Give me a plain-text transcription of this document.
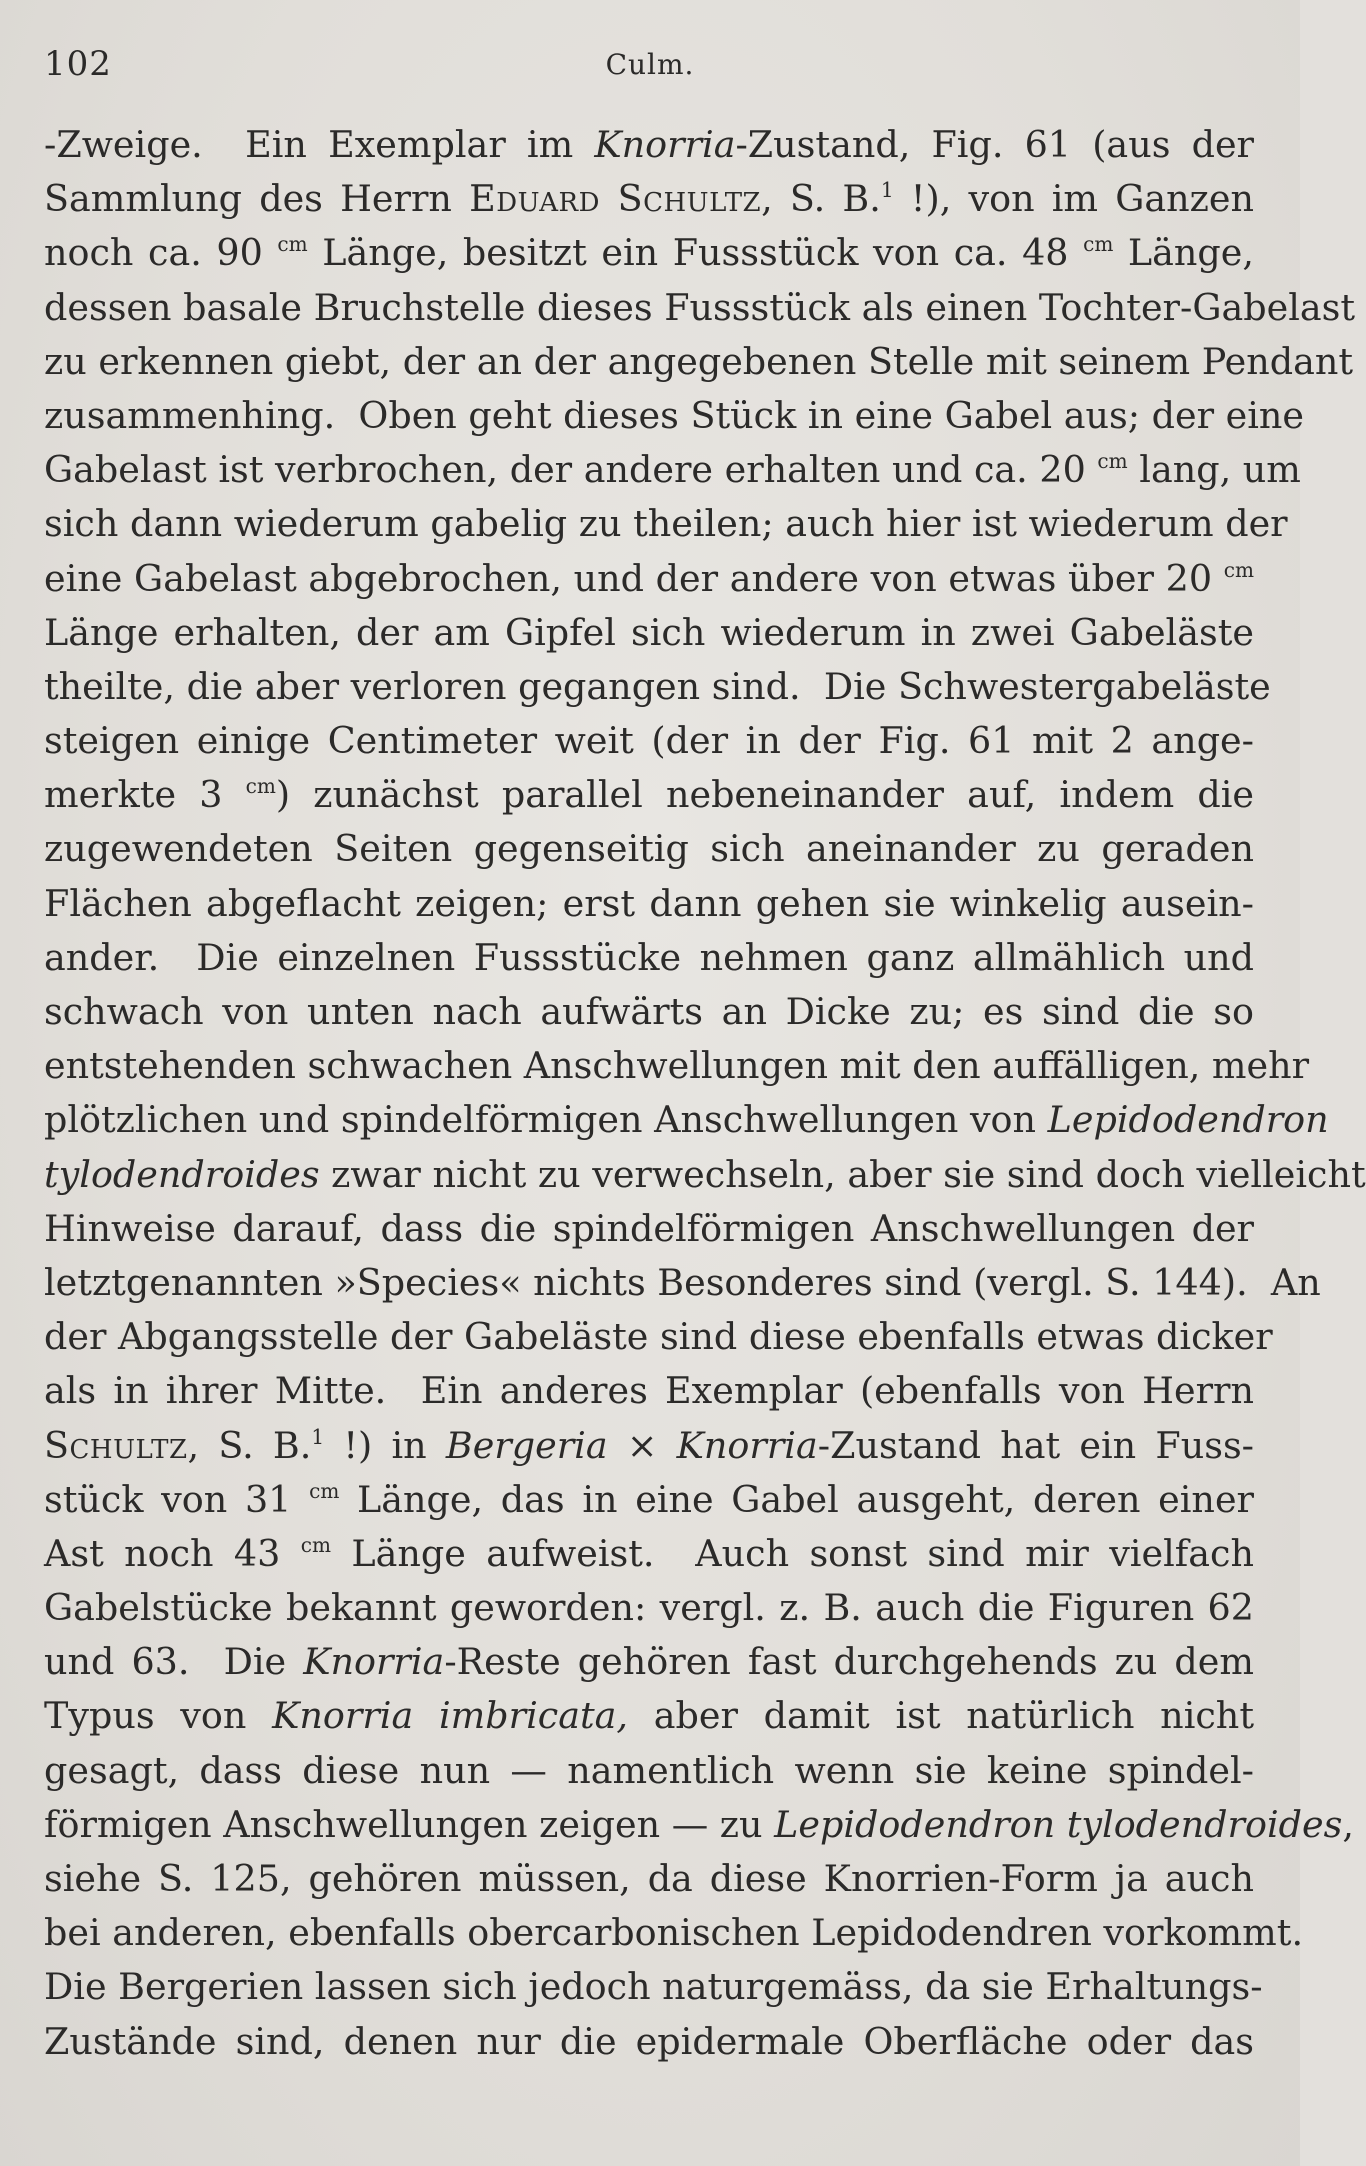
102	Culm.
-Zweige.  Ein Exemplar im Knorria-Zustand, Fig. 61 (aus der
Sammlung des Herrn Eduard Schultz, S. B.$^1$ !), von im Ganzen
noch ca. 90 $^{cm}$ Länge, besitzt ein Fussstück von ca. 48 $^{cm}$ Länge,
dessen basale Bruchstelle dieses Fussstück als einen Tochter-Gabelast
zu erkennen giebt, der an der angegebenen Stelle mit seinem Pendant
zusammenhing.  Oben geht dieses Stück in eine Gabel aus; der eine
Gabelast ist verbrochen, der andere erhalten und ca. 20 $^{cm}$ lang, um
sich dann wiederum gabelig zu theilen; auch hier ist wiederum der
eine Gabelast abgebrochen, und der andere von etwas über 20 $^{cm}$
Länge erhalten, der am Gipfel sich wiederum in zwei Gabeläste
theilte, die aber verloren gegangen sind.  Die Schwestergabeläste
steigen einige Centimeter weit (der in der Fig. 61 mit 2 ange-
merkte 3 $^{cm}$) zunächst parallel nebeneinander auf, indem die
zugewendeten Seiten gegenseitig sich aneinander zu geraden
Flächen abgeflacht zeigen; erst dann gehen sie winkelig ausein-
ander.  Die einzelnen Fussstücke nehmen ganz allmählich und
schwach von unten nach aufwärts an Dicke zu; es sind die so
entstehenden schwachen Anschwellungen mit den auffälligen, mehr
plötzlichen und spindelförmigen Anschwellungen von Lepidodendron
tylodendroides zwar nicht zu verwechseln, aber sie sind doch vielleicht
Hinweise darauf, dass die spindelförmigen Anschwellungen der
letztgenannten »Species« nichts Besonderes sind (vergl. S. 144).  An
der Abgangsstelle der Gabeläste sind diese ebenfalls etwas dicker
als in ihrer Mitte.  Ein anderes Exemplar (ebenfalls von Herrn
Schultz, S. B.$^1$ !) in Bergeria ⨯ Knorria-Zustand hat ein Fuss-
stück von 31 $^{cm}$ Länge, das in eine Gabel ausgeht, deren einer
Ast noch 43 $^{cm}$ Länge aufweist.  Auch sonst sind mir vielfach
Gabelstücke bekannt geworden: vergl. z. B. auch die Figuren 62
und 63.  Die Knorria-Reste gehören fast durchgehends zu dem
Typus von Knorria imbricata, aber damit ist natürlich nicht
gesagt, dass diese nun — namentlich wenn sie keine spindel-
förmigen Anschwellungen zeigen — zu Lepidodendron tylodendroides,
siehe S. 125, gehören müssen, da diese Knorrien-Form ja auch
bei anderen, ebenfalls obercarbonischen Lepidodendren vorkommt.
Die Bergerien lassen sich jedoch naturgemäss, da sie Erhaltungs-
Zustände sind, denen nur die epidermale Oberfläche oder das
